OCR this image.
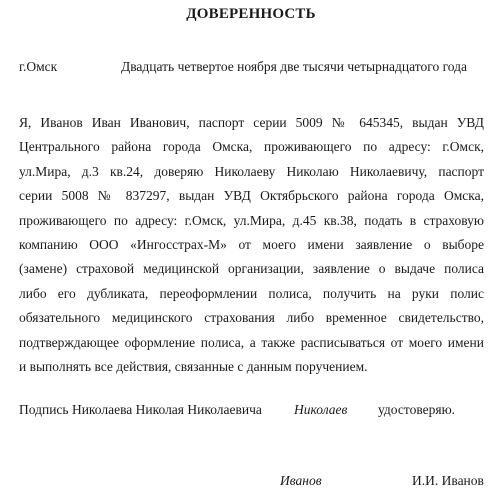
ДОВЕРЕННОСТЬ
г.Омск	Двадцать четвертое ноября две тысячи четырнадцатого года
Я, Иванов Иван Иванович, паспорт серии 5009 № 645345, выдан УВД
Центрального района города Омска, проживающего по адресу: г.Омск,
ул.Мира, д.3 кв.24, доверяю Николаеву Николаю Николаевичу, паспорт
серии 5008 № 837297, выдан УВД Октябрьского района города Омска,
проживающего по адресу: г.Омск, ул.Мира, д.45 кв.38, подать в страховую
компанию ООО «Ингосстрах-М» от моего имени заявление о выборе
(замене) страховой медицинской организации, заявление о выдаче полиса
либо его дубликата, переоформлении полиса, получить на руки полис
обязательного медицинского страхования либо временное свидетельство,
подтверждающее оформление полиса, а также расписываться от моего имени
и выполнять все действия, связанные с данным поручением.
Подпись Николаева Николая Николаевича Николаев удостоверяю.
Иванов	И.И. Иванов
